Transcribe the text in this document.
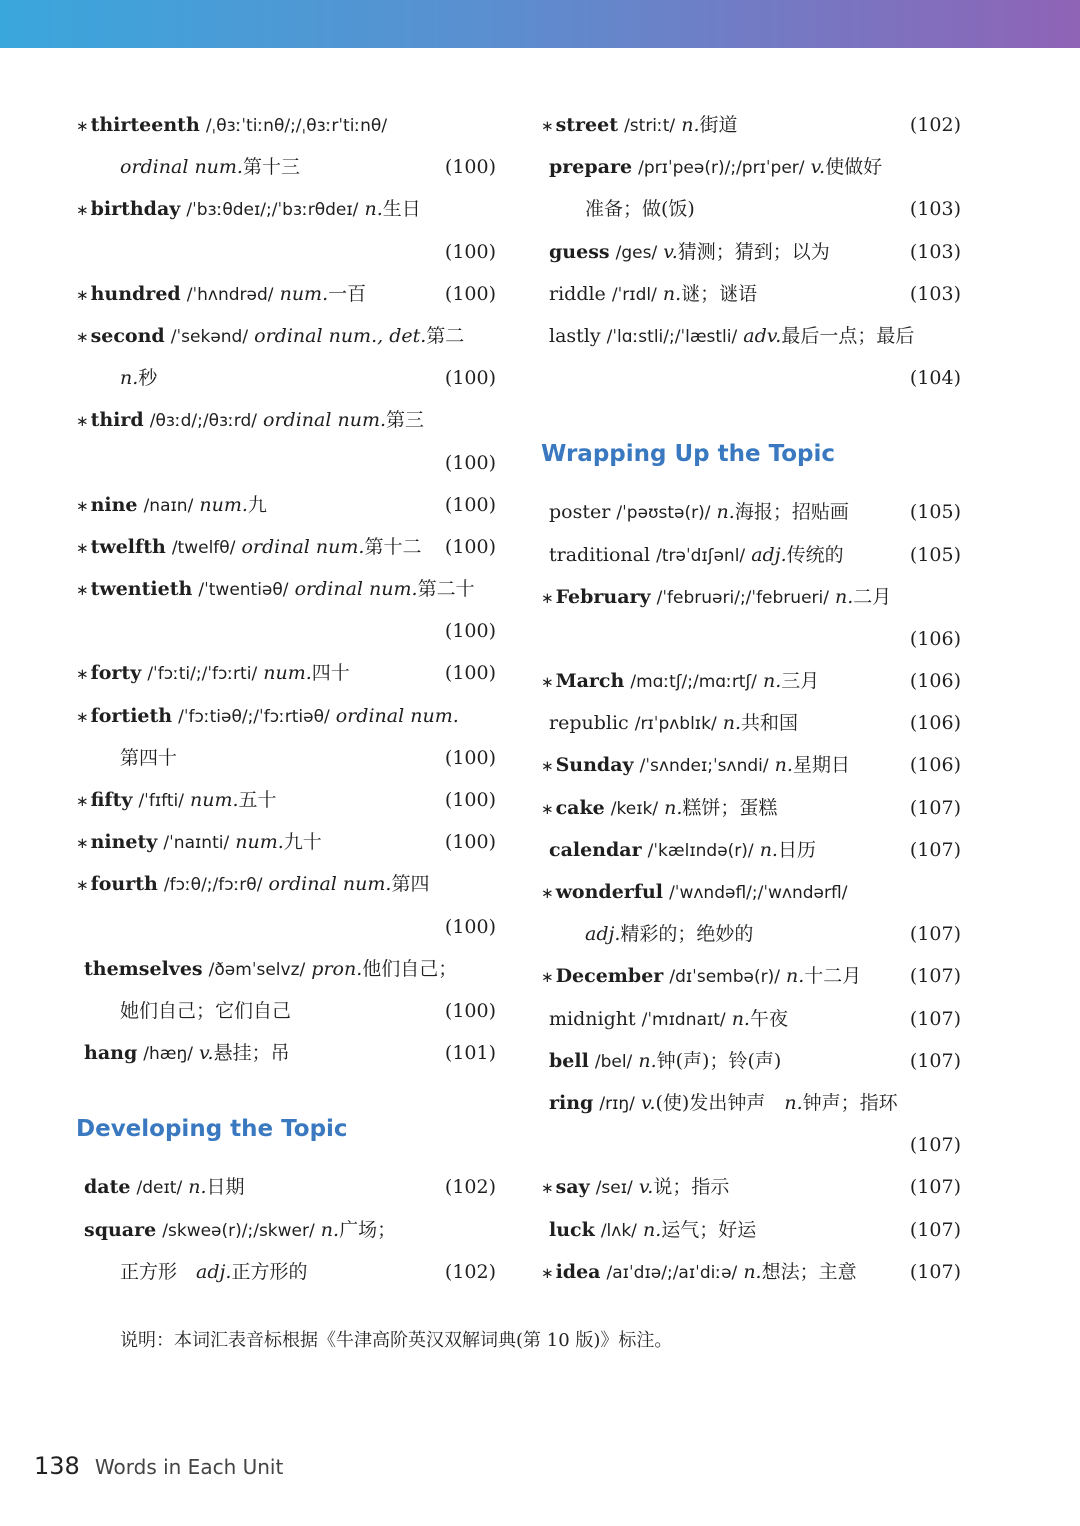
∗ thirteenth /ˌθɜːˈtiːnθ/;/ˌθɜːrˈtiːnθ/
ordinal num.第十三	(100)
∗ birthday /ˈbɜːθdeɪ/;/ˈbɜːrθdeɪ/ n.生日
(100)
∗ hundred /ˈhʌndrəd/ num.一百	(100)
∗ second /ˈsekənd/ ordinal num., det.第二
n.秒	(100)
∗ third /θɜːd/;/θɜːrd/ ordinal num.第三
(100)
∗ nine /naɪn/ num.九	(100)
∗ twelfth /twelfθ/ ordinal num.第十二 (100)
∗ twentieth /ˈtwentiəθ/ ordinal num.第二十
(100)
∗ forty /ˈfɔːti/;/ˈfɔːrti/ num.四十	(100)
∗ fortieth /ˈfɔːtiəθ/;/ˈfɔːrtiəθ/ ordinal num.
第四十	(100)
∗ fifty /ˈfɪfti/ num.五十	(100)
∗ ninety /ˈnaɪnti/ num.九十	(100)
∗ fourth /fɔːθ/;/fɔːrθ/ ordinal num.第四
(100)
themselves /ðəmˈselvz/ pron.他们自己；
她们自己；它们自己	(100)
hang /hæŋ/ v.悬挂；吊	(101)
Developing the Topic
date /deɪt/ n.日期	(102)
square /skweə(r)/;/skwer/ n.广场；
正方形  adj.正方形的	(102)
∗ street /striːt/ n.街道	(102)
prepare /prɪˈpeə(r)/;/prɪˈper/ v.使做好
准备；做(饭)	(103)
guess /ges/ v.猜测；猜到；以为	(103)
riddle /ˈrɪdl/ n.谜；谜语	(103)
lastly /ˈlɑːstli/;/ˈlæstli/ adv.最后一点；最后
(104)
Wrapping Up the Topic
poster /ˈpəʊstə(r)/ n.海报；招贴画	(105)
traditional /trəˈdɪʃənl/ adj.传统的	(105)
∗ February /ˈfebruəri/;/ˈfebrueri/ n.二月
(106)
∗ March /mɑːtʃ/;/mɑːrtʃ/ n.三月	(106)
republic /rɪˈpʌblɪk/ n.共和国	(106)
∗ Sunday /ˈsʌndeɪ;ˈsʌndi/ n.星期日	(106)
∗ cake /keɪk/ n.糕饼；蛋糕	(107)
calendar /ˈkælɪndə(r)/ n.日历	(107)
∗ wonderful /ˈwʌndəfl/;/ˈwʌndərfl/
adj.精彩的；绝妙的	(107)
∗ December /dɪˈsembə(r)/ n.十二月	(107)
midnight /ˈmɪdnaɪt/ n.午夜	(107)
bell /bel/ n.钟(声)；铃(声)	(107)
ring /rɪŋ/ v.(使)发出钟声  n.钟声；指环
(107)
∗ say /seɪ/ v.说；指示	(107)
luck /lʌk/ n.运气；好运	(107)
∗ idea /aɪˈdɪə/;/aɪˈdiːə/ n.想法；主意	(107)
说明：本词汇表音标根据《牛津高阶英汉双解词典(第 10 版)》标注。
138 Words in Each Unit
